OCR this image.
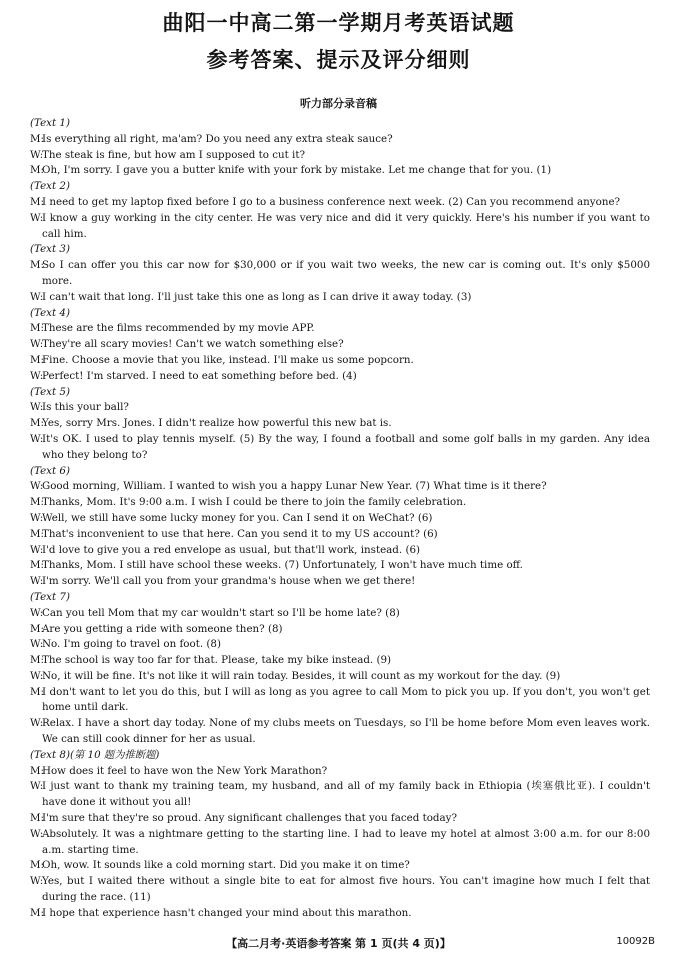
曲阳一中高二第一学期月考英语试题
参考答案、提示及评分细则
听力部分录音稿
(Text 1)
M:
Is everything all right, ma'am? Do you need any extra steak sauce?
W:
The steak is fine, but how am I supposed to cut it?
M:
Oh, I'm sorry. I gave you a butter knife with your fork by mistake. Let me change that for you. (1)
(Text 2)
M:
I need to get my laptop fixed before I go to a business conference next week. (2) Can you recommend anyone?
W:
I know a guy working in the city center. He was very nice and did it very quickly. Here's his number if you want to call him.
(Text 3)
M:
So I can offer you this car now for $30,000 or if you wait two weeks, the new car is coming out. It's only $5000 more.
W:
I can't wait that long. I'll just take this one as long as I can drive it away today. (3)
(Text 4)
M:
These are the films recommended by my movie APP.
W:
They're all scary movies! Can't we watch something else?
M:
Fine. Choose a movie that you like, instead. I'll make us some popcorn.
W:
Perfect! I'm starved. I need to eat something before bed. (4)
(Text 5)
W:
Is this your ball?
M:
Yes, sorry Mrs. Jones. I didn't realize how powerful this new bat is.
W:
It's OK. I used to play tennis myself. (5) By the way, I found a football and some golf balls in my garden. Any idea who they belong to?
(Text 6)
W:
Good morning, William. I wanted to wish you a happy Lunar New Year. (7) What time is it there?
M:
Thanks, Mom. It's 9:00 a.m. I wish I could be there to join the family celebration.
W:
Well, we still have some lucky money for you. Can I send it on WeChat? (6)
M:
That's inconvenient to use that here. Can you send it to my US account? (6)
W:
I'd love to give you a red envelope as usual, but that'll work, instead. (6)
M:
Thanks, Mom. I still have school these weeks. (7) Unfortunately, I won't have much time off.
W:
I'm sorry. We'll call you from your grandma's house when we get there!
(Text 7)
W:
Can you tell Mom that my car wouldn't start so I'll be home late? (8)
M:
Are you getting a ride with someone then? (8)
W:
No. I'm going to travel on foot. (8)
M:
The school is way too far for that. Please, take my bike instead. (9)
W:
No, it will be fine. It's not like it will rain today. Besides, it will count as my workout for the day. (9)
M:
I don't want to let you do this, but I will as long as you agree to call Mom to pick you up. If you don't, you won't get home until dark.
W:
Relax. I have a short day today. None of my clubs meets on Tuesdays, so I'll be home before Mom even leaves work. We can still cook dinner for her as usual.
(Text 8)(第 10 题为推断题)
M:
How does it feel to have won the New York Marathon?
W:
I just want to thank my training team, my husband, and all of my family back in Ethiopia (埃塞俄比亚). I couldn't have done it without you all!
M:
I'm sure that they're so proud. Any significant challenges that you faced today?
W:
Absolutely. It was a nightmare getting to the starting line. I had to leave my hotel at almost 3:00 a.m. for our 8:00 a.m. starting time.
M:
Oh, wow. It sounds like a cold morning start. Did you make it on time?
W:
Yes, but I waited there without a single bite to eat for almost five hours. You can't imagine how much I felt that during the race. (11)
M:
I hope that experience hasn't changed your mind about this marathon.
【高二月考·英语参考答案 第 1 页(共 4 页)】	10092B
